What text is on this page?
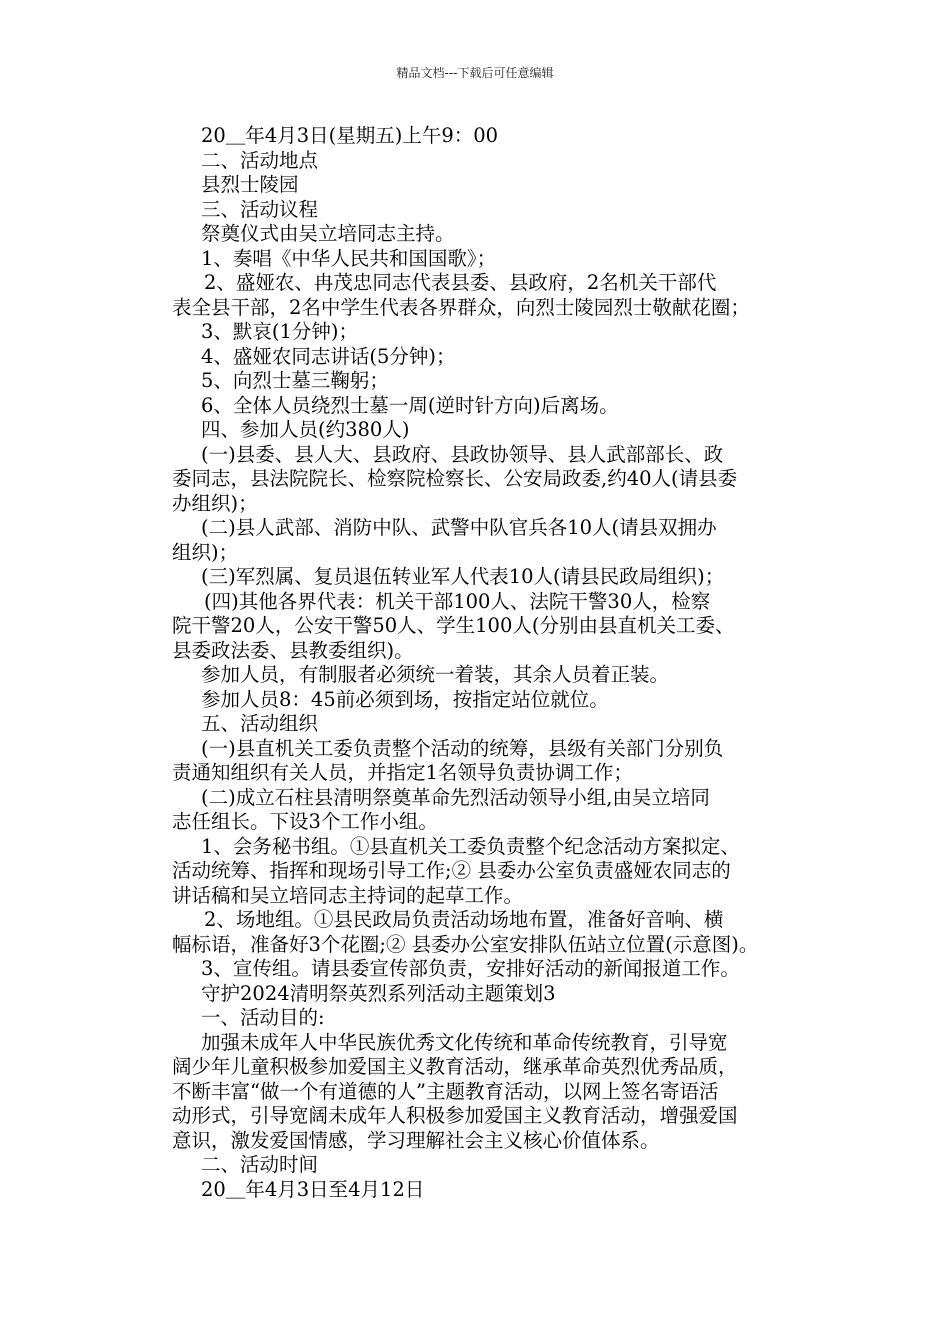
精品文档---下载后可任意编辑
20＿年4月3日(星期五)上午9：00
二、活动地点
县烈士陵园
三、活动议程
祭奠仪式由吴立培同志主持。
1、奏唱《中华人民共和国国歌》；
2、盛娅农、冉茂忠同志代表县委、县政府，2名机关干部代
表全县干部，2名中学生代表各界群众，向烈士陵园烈士敬献花圈；
3、默哀(1分钟)；
4、盛娅农同志讲话(5分钟)；
5、向烈士墓三鞠躬；
6、全体人员绕烈士墓一周(逆时针方向)后离场。
四、参加人员(约380人)
(一)县委、县人大、县政府、县政协领导、县人武部部长、政
委同志，县法院院长、检察院检察长、公安局政委,约40人(请县委
办组织)；
(二)县人武部、消防中队、武警中队官兵各10人(请县双拥办
组织)；
(三)军烈属、复员退伍转业军人代表10人(请县民政局组织)；
(四)其他各界代表：机关干部100人、法院干警30人，检察
院干警20人，公安干警50人、学生100人(分别由县直机关工委、
县委政法委、县教委组织)。
参加人员，有制服者必须统一着装，其余人员着正装。
参加人员8：45前必须到场，按指定站位就位。
五、活动组织
(一)县直机关工委负责整个活动的统筹，县级有关部门分别负
责通知组织有关人员，并指定1名领导负责协调工作；
(二)成立石柱县清明祭奠革命先烈活动领导小组,由吴立培同
志任组长。下设3个工作小组。
1、会务秘书组。①县直机关工委负责整个纪念活动方案拟定、
活动统筹、指挥和现场引导工作;② 县委办公室负责盛娅农同志的
讲话稿和吴立培同志主持词的起草工作。
2、场地组。①县民政局负责活动场地布置，准备好音响、横
幅标语，准备好3个花圈;② 县委办公室安排队伍站立位置(示意图)。
3、宣传组。请县委宣传部负责，安排好活动的新闻报道工作。
守护2024清明祭英烈系列活动主题策划3
一、活动目的:
加强未成年人中华民族优秀文化传统和革命传统教育，引导宽
阔少年儿童积极参加爱国主义教育活动，继承革命英烈优秀品质，
不断丰富“做一个有道德的人”主题教育活动，以网上签名寄语活
动形式，引导宽阔未成年人积极参加爱国主义教育活动，增强爱国
意识，激发爱国情感，学习理解社会主义核心价值体系。
二、活动时间
20＿年4月3日至4月12日
